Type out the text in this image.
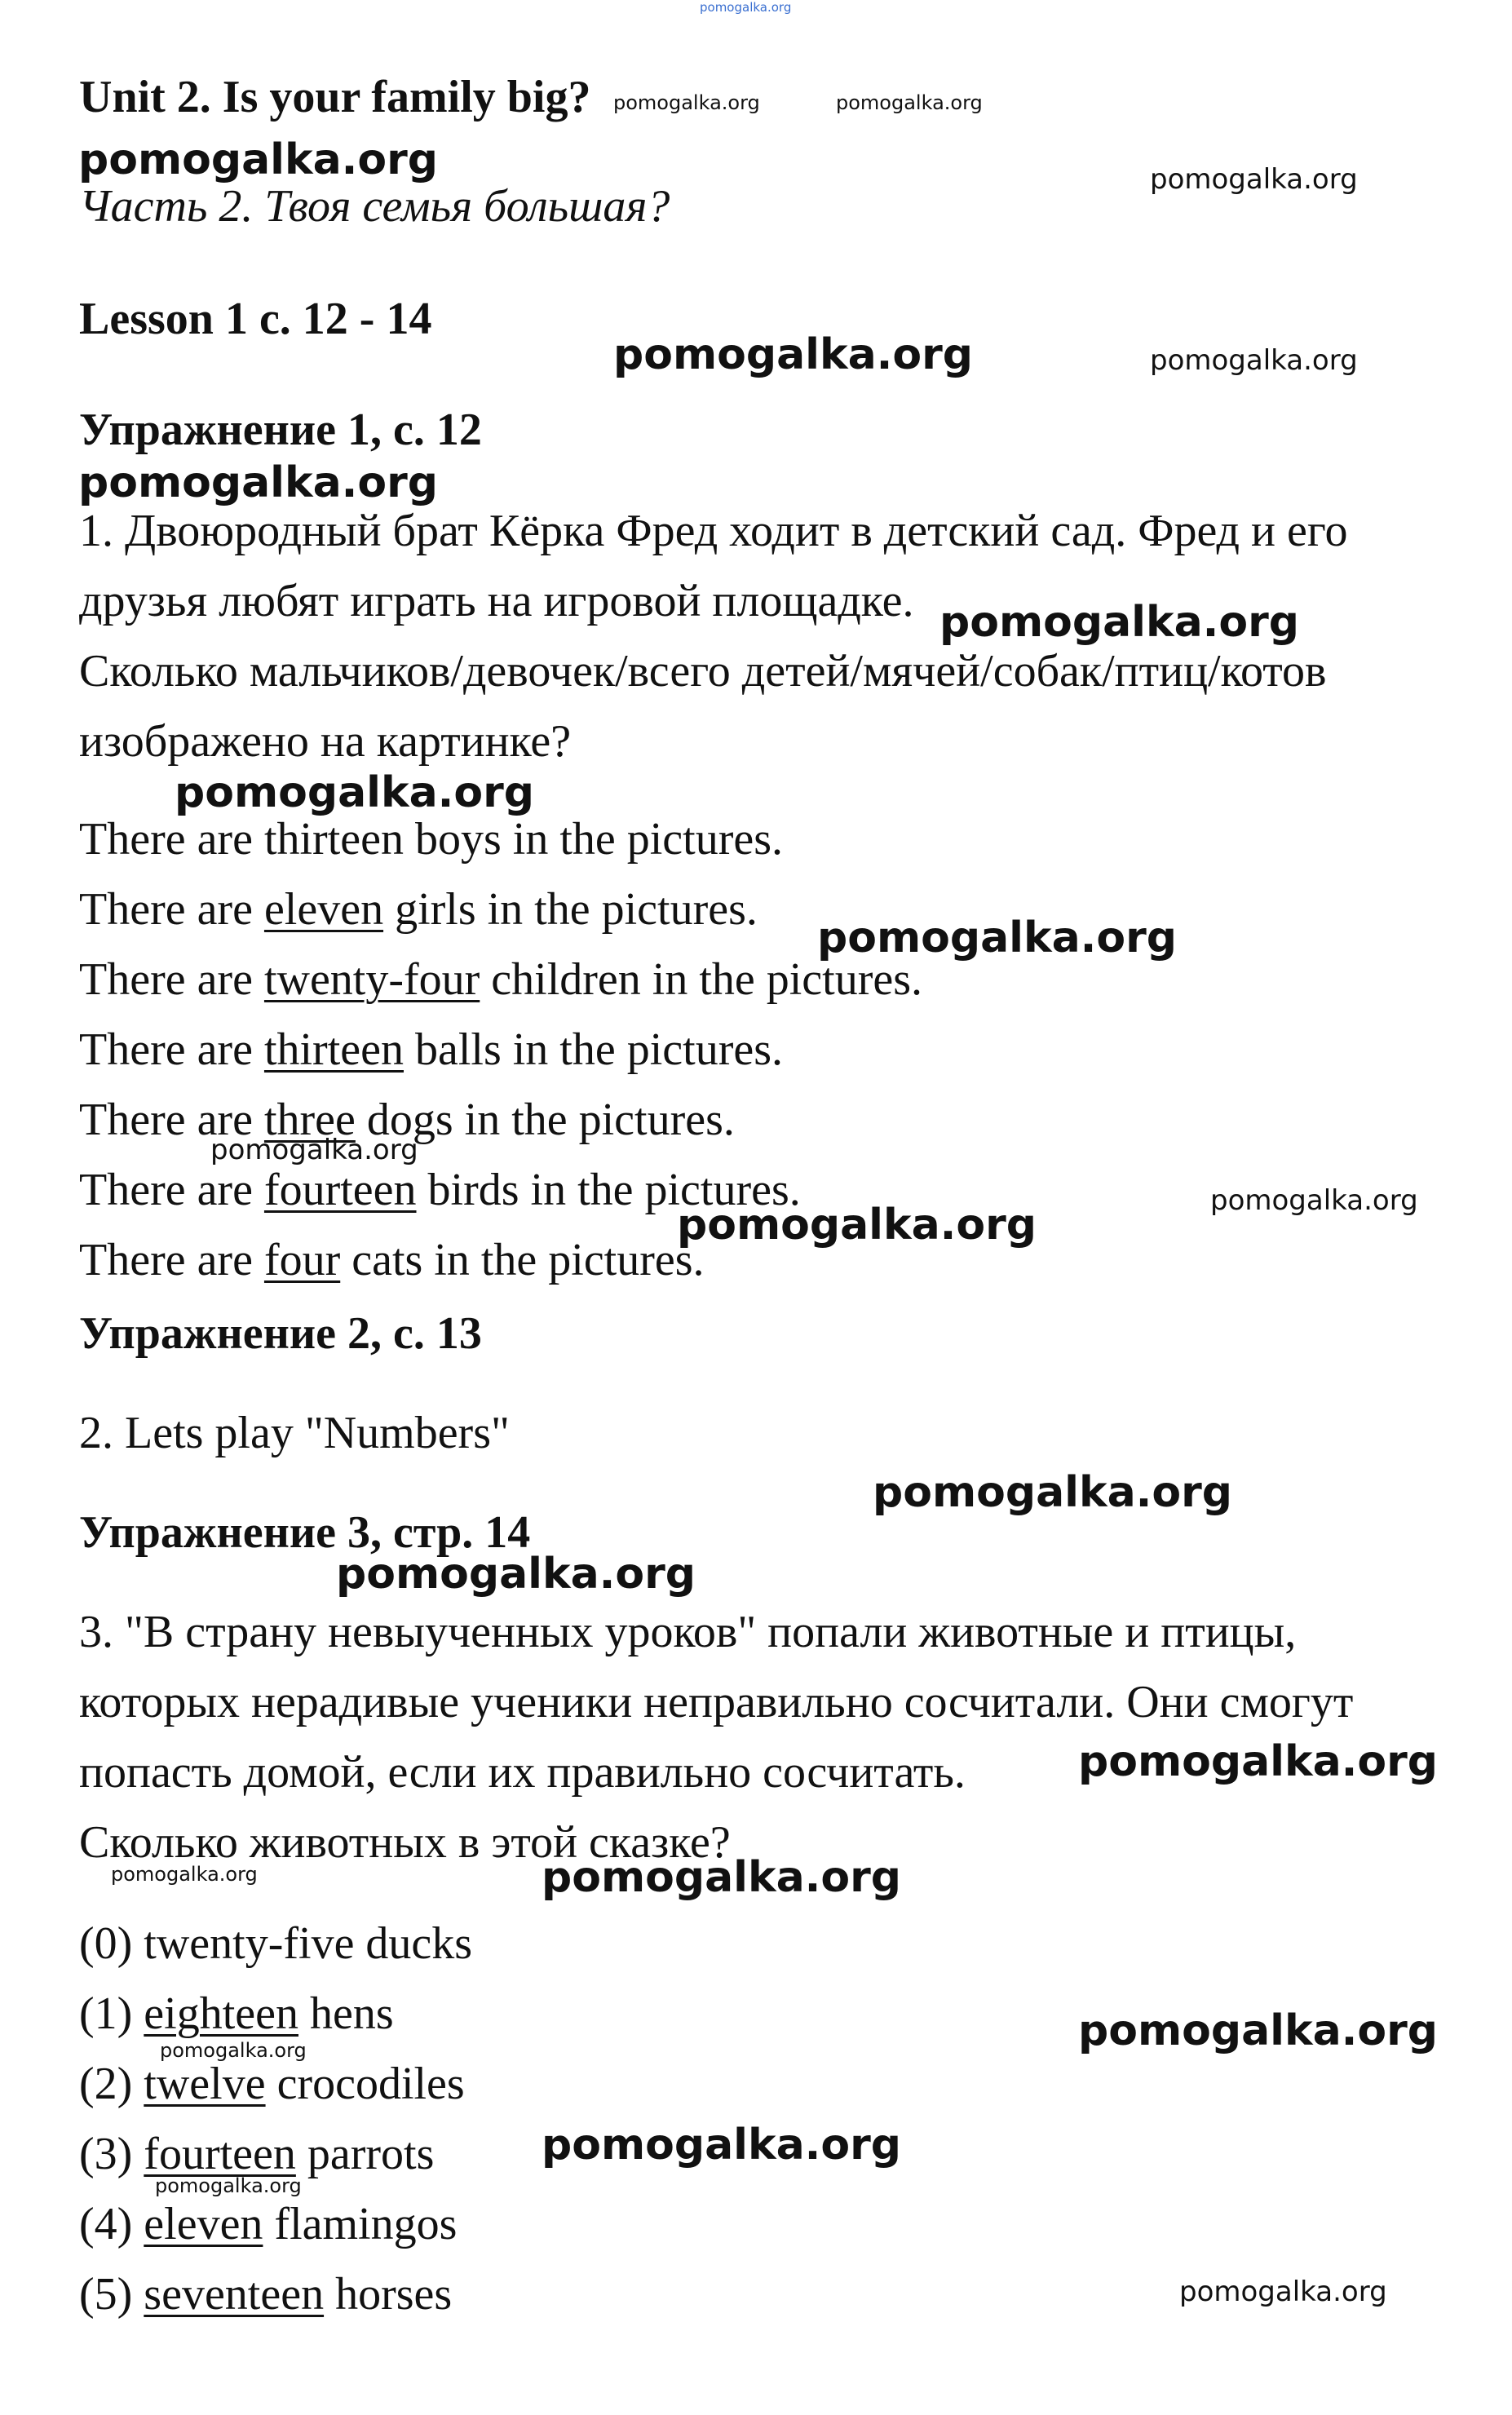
pomogalka.org
Unit 2. Is your family big? pomogalka.org	pomogalka.org
pomogalka.org
Часть 2. Твоя семья большая?
pomogalka.org
Lesson 1 с. 12 - 14
pomogalka.org	pomogalka.org
Упражнение 1, с. 12
pomogalka.org
1. Двоюродный брат Кёрка Фред ходит в детский сад. Фред и его
друзья любят играть на игровой площадке. pomogalka.org
Сколько мальчиков/девочек/всего детей/мячей/собак/птиц/котов
изображено на картинке?
pomogalka.org
There are thirteen boys in the pictures.
There are eleven girls in the pictures.
pomogalka.org
There are twenty-four children in the pictures.
There are thirteen balls in the pictures.
There are three dogs in the pictures.
pomogalka.org
There are fourteen birds in the pictures.	pomogalka.org
pomogalka.org
There are four cats in the pictures.
Упражнение 2, с. 13
2. Lets play "Numbers"
pomogalka.org
Упражнение 3, стр. 14
pomogalka.org
3. "В страну невыученных уроков" попали животные и птицы,
которых нерадивые ученики неправильно сосчитали. Они смогут
попасть домой, если их правильно сосчитать.	pomogalka.org
Сколько животных в этой сказке?
pomogalka.org	pomogalka.org
(0) twenty-five ducks
(1) eighteen hens	pomogalka.org
pomogalka.org
(2) twelve crocodiles
(3) fourteen parrots	pomogalka.org
pomogalka.org
(4) eleven flamingos
(5) seventeen horses	pomogalka.org
